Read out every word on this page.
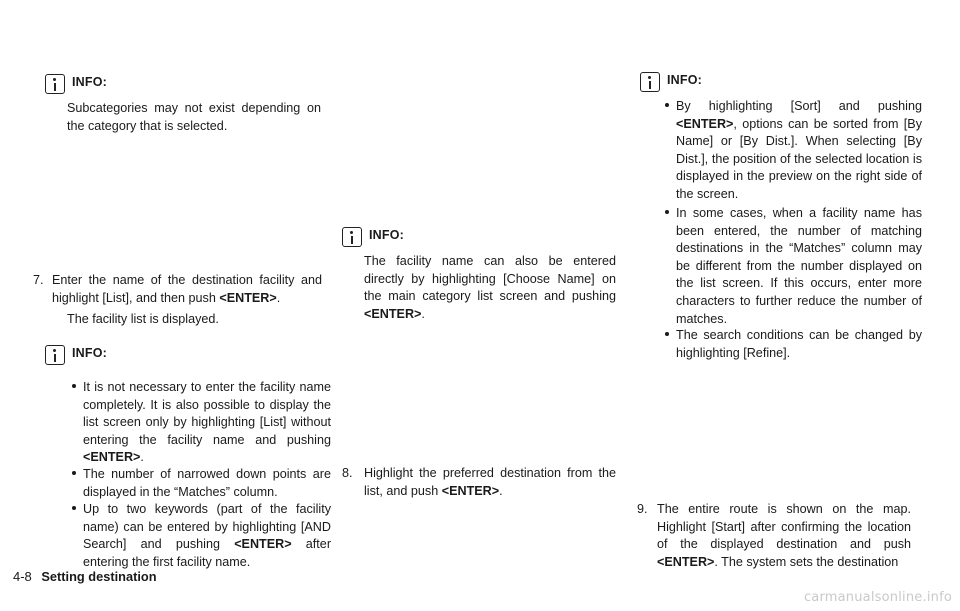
INFO:
Subcategories may not exist depending on the category that is selected.
7. Enter the name of the destination facility and highlight [List], and then push <ENTER>.
The facility list is displayed.
INFO:
It is not necessary to enter the facility name completely. It is also possible to display the list screen only by highlighting [List] without entering the facility name and pushing <ENTER>.
The number of narrowed down points are displayed in the “Matches” column.
Up to two keywords (part of the facility name) can be entered by highlighting [AND Search] and pushing <ENTER> after entering the first facility name.
INFO:
The facility name can also be entered directly by highlighting [Choose Name] on the main category list screen and pushing <ENTER>.
8. Highlight the preferred destination from the list, and push <ENTER>.
INFO:
By highlighting [Sort] and pushing <ENTER>, options can be sorted from [By Name] or [By Dist.]. When selecting [By Dist.], the position of the selected location is displayed in the preview on the right side of the screen.
In some cases, when a facility name has been entered, the number of matching destinations in the “Matches” column may be different from the number displayed on the list screen. If this occurs, enter more characters to further reduce the number of matches.
The search conditions can be changed by highlighting [Refine].
9. The entire route is shown on the map. Highlight [Start] after confirming the location of the displayed destination and push <ENTER>. The system sets the destination
4-8 Setting destination
carmanualsonline.info
